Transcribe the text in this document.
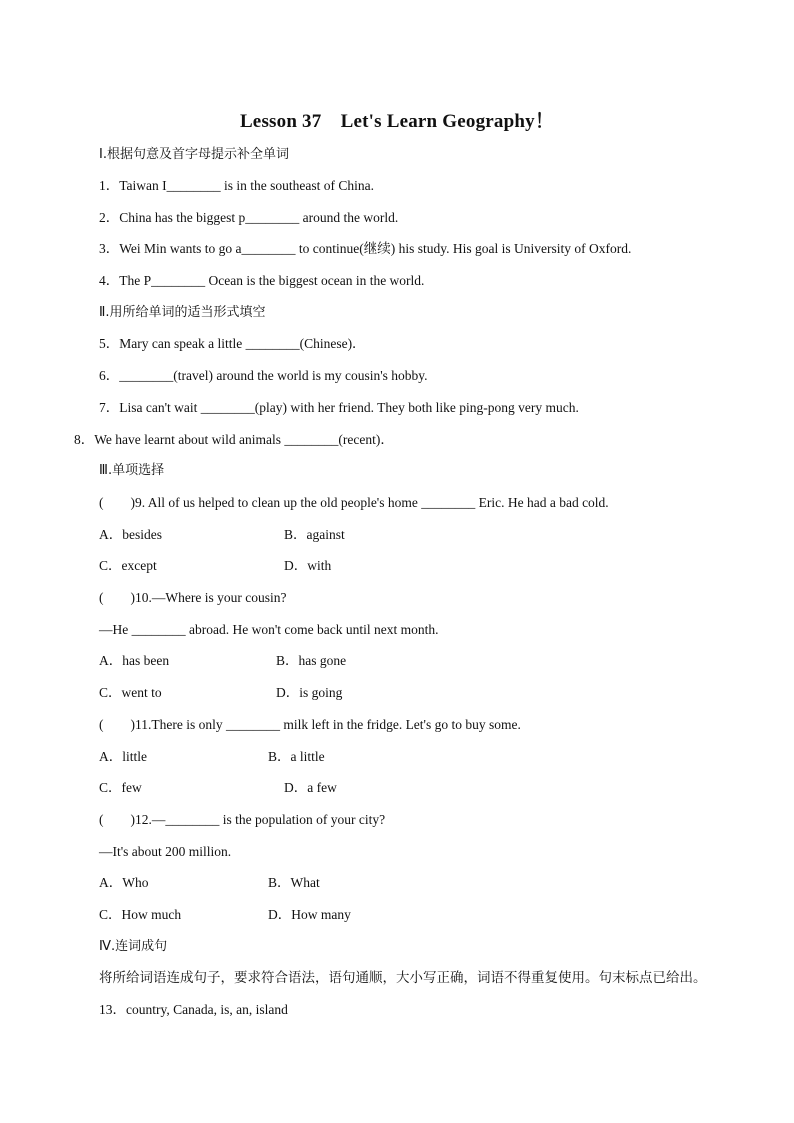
Lesson 37　Let's Learn Geography！
Ⅰ.根据句意及首字母提示补全单词
1．Taiwan I________ is in the southeast of China.
2．China has the biggest p________ around the world.
3．Wei Min wants to go a________ to continue(继续) his study. His goal is University of Oxford.
4．The P________ Ocean is the biggest ocean in the world.
Ⅱ.用所给单词的适当形式填空
5．Mary can speak a little ________(Chinese)．
6．________(travel) around the world is my cousin's hobby.
7．Lisa can't wait ________(play) with her friend. They both like ping-pong very much.
8．We have learnt about wild animals ________(recent)．
Ⅲ.单项选择
(　　)9. All of us helped to clean up the old people's home ________ Eric. He had a bad cold.
A．besides	B．against
C．except	D．with
(　　)10.—Where is your cousin?
—He ________ abroad. He won't come back until next month.
A．has been	B．has gone
C．went to	D．is going
(　　)11.There is only ________ milk left in the fridge. Let's go to buy some.
A．little	B．a little
C．few	D．a few
(　　)12.—________ is the population of your city?
—It's about 200 million.
A．Who	B．What
C．How much	D．How many
Ⅳ.连词成句
将所给词语连成句子，要求符合语法，语句通顺，大小写正确，词语不得重复使用。句末标点已给出。
13．country, Canada, is, an, island
